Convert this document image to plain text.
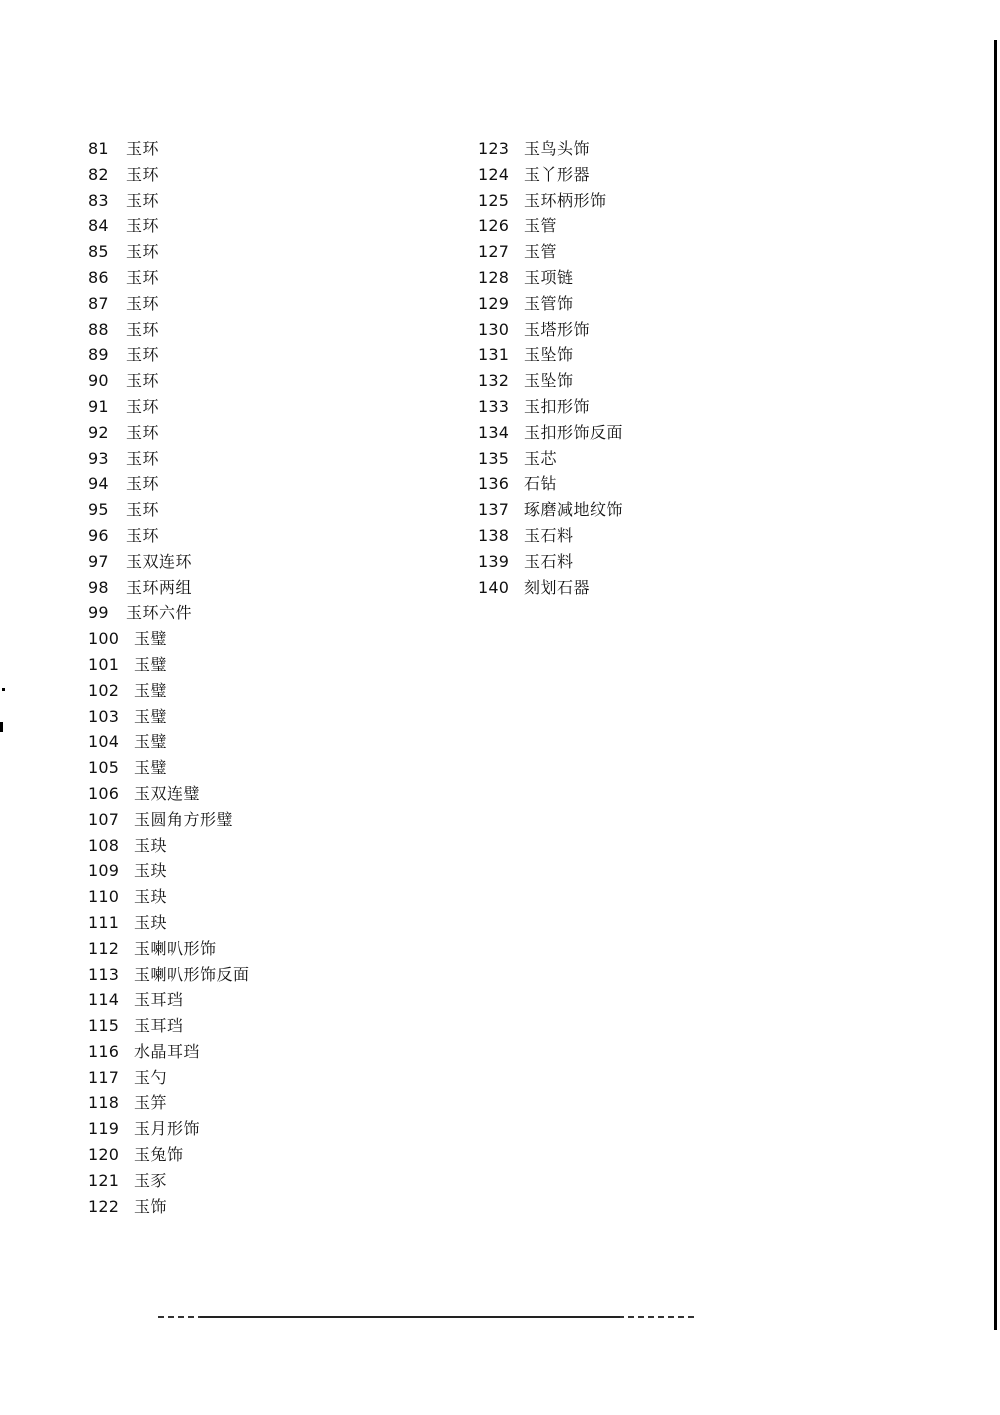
81 玉环
82 玉环
83 玉环
84 玉环
85 玉环
86 玉环
87 玉环
88 玉环
89 玉环
90 玉环
91 玉环
92 玉环
93 玉环
94 玉环
95 玉环
96 玉环
97 玉双连环
98 玉环两组
99 玉环六件
100 玉璧
101 玉璧
102 玉璧
103 玉璧
104 玉璧
105 玉璧
106 玉双连璧
107 玉圆角方形璧
108 玉玦
109 玉玦
110 玉玦
111 玉玦
112 玉喇叭形饰
113 玉喇叭形饰反面
114 玉耳珰
115 玉耳珰
116 水晶耳珰
117 玉勺
118 玉笄
119 玉月形饰
120 玉兔饰
121 玉豕
122 玉饰
123 玉鸟头饰
124 玉丫形器
125 玉环柄形饰
126 玉管
127 玉管
128 玉项链
129 玉管饰
130 玉塔形饰
131 玉坠饰
132 玉坠饰
133 玉扣形饰
134 玉扣形饰反面
135 玉芯
136 石钻
137 琢磨减地纹饰
138 玉石料
139 玉石料
140 刻划石器
